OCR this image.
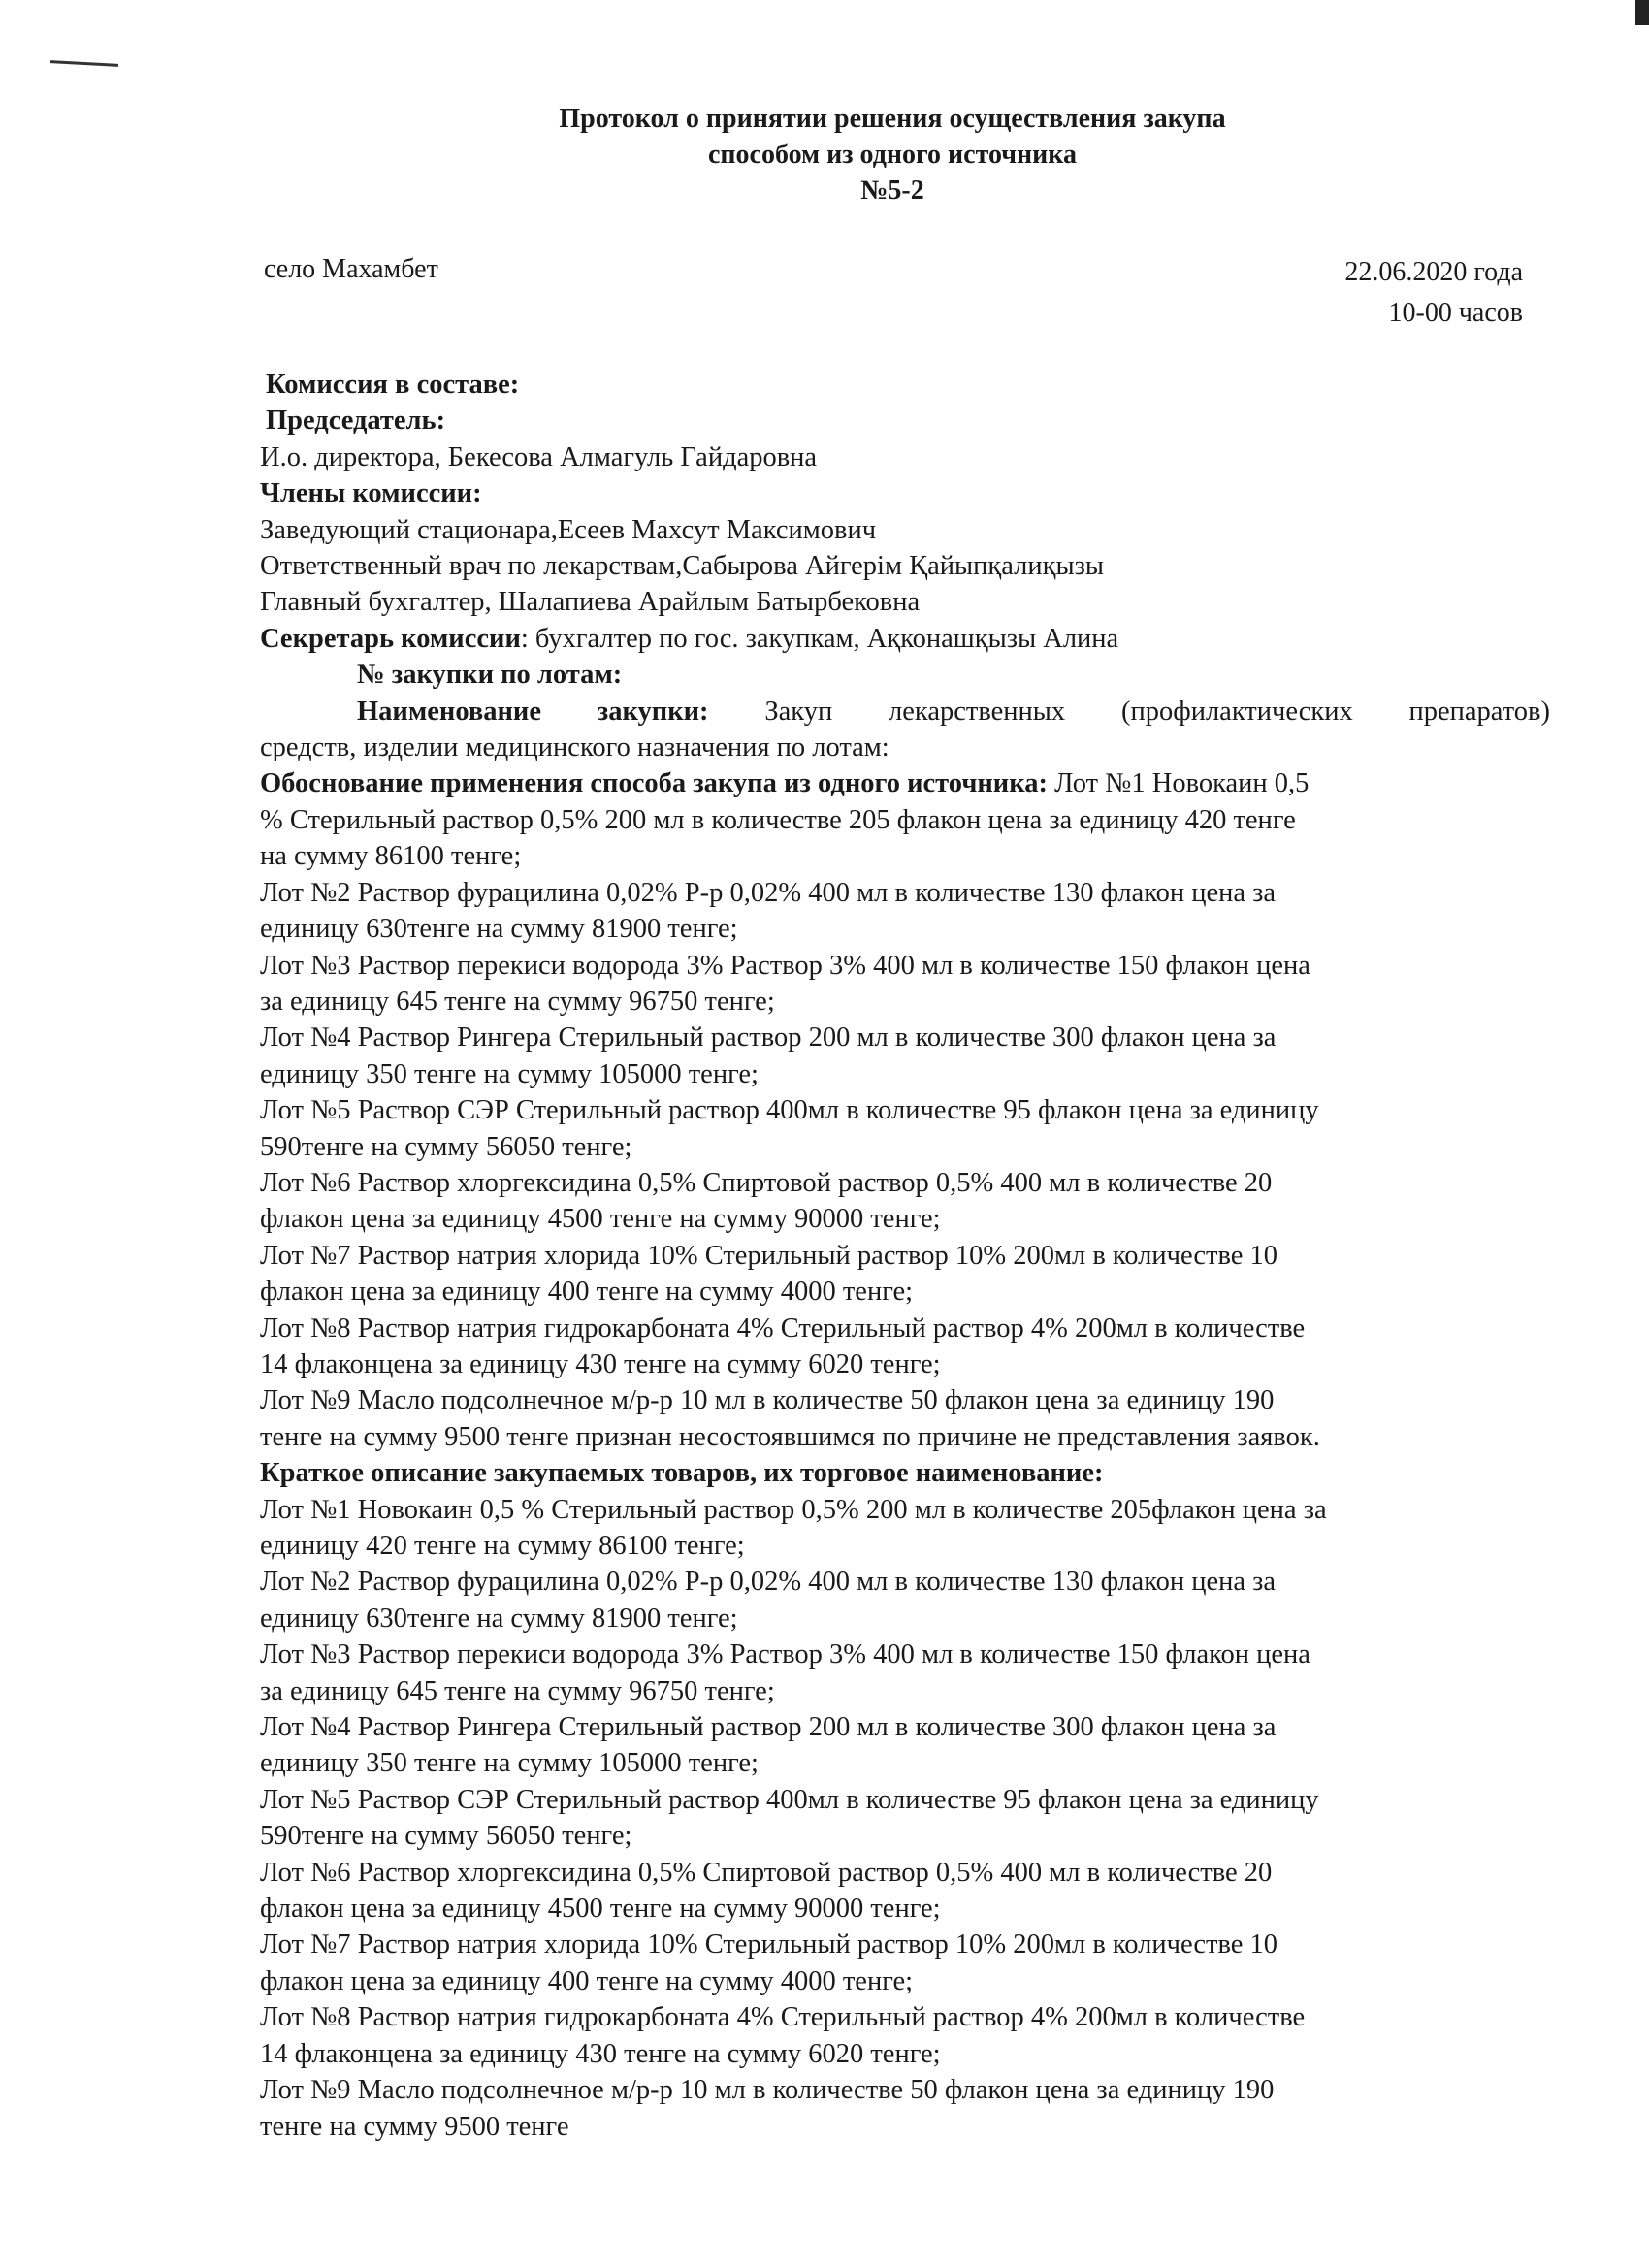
Протокол о принятии решения осуществления закупа
способом из одного источника
№5-2
село Махамбет	22.06.2020 года
10-00 часов
Комиссия в составе:
Председатель:
И.о. директора, Бекесова Алмагуль Гайдаровна
Члены комиссии:
Заведующий стационара,Есеев Махсут Максимович
Ответственный врач по лекарствам,Сабырова Айгерім Қайыпқалиқызы
Главный бухгалтер, Шалапиева Арайлым Батырбековна
Секретарь комиссии: бухгалтер по гос. закупкам, Ақконашқызы Алина
№ закупки по лотам:
Наименование закупки: Закуп лекарственных (профилактических препаратов)
средств, изделии медицинского назначения по лотам:
Обоснование применения способа закупа из одного источника: Лот №1 Новокаин 0,5
% Стерильный раствор 0,5% 200 мл в количестве 205 флакон цена за единицу 420 тенге
на сумму 86100 тенге;
Лот №2 Раствор фурацилина 0,02% Р-р 0,02% 400 мл в количестве 130 флакон цена за
единицу 630тенге на сумму 81900 тенге;
Лот №3 Раствор перекиси водорода 3% Раствор 3% 400 мл в количестве 150 флакон цена
за единицу 645 тенге на сумму 96750 тенге;
Лот №4 Раствор Рингера Стерильный раствор 200 мл в количестве 300 флакон цена за
единицу 350 тенге на сумму 105000 тенге;
Лот №5 Раствор СЭР Стерильный раствор 400мл в количестве 95 флакон цена за единицу
590тенге на сумму 56050 тенге;
Лот №6 Раствор хлоргексидина 0,5% Спиртовой раствор 0,5% 400 мл в количестве 20
флакон цена за единицу 4500 тенге на сумму 90000 тенге;
Лот №7 Раствор натрия хлорида 10% Стерильный раствор 10% 200мл в количестве 10
флакон цена за единицу 400 тенге на сумму 4000 тенге;
Лот №8 Раствор натрия гидрокарбоната 4% Стерильный раствор 4% 200мл в количестве
14 флаконцена за единицу 430 тенге на сумму 6020 тенге;
Лот №9 Масло подсолнечное м/р-р 10 мл в количестве 50 флакон цена за единицу 190
тенге на сумму 9500 тенге признан несостоявшимся по причине не представления заявок.
Краткое описание закупаемых товаров, их торговое наименование:
Лот №1 Новокаин 0,5 % Стерильный раствор 0,5% 200 мл в количестве 205флакон цена за
единицу 420 тенге на сумму 86100 тенге;
Лот №2 Раствор фурацилина 0,02% Р-р 0,02% 400 мл в количестве 130 флакон цена за
единицу 630тенге на сумму 81900 тенге;
Лот №3 Раствор перекиси водорода 3% Раствор 3% 400 мл в количестве 150 флакон цена
за единицу 645 тенге на сумму 96750 тенге;
Лот №4 Раствор Рингера Стерильный раствор 200 мл в количестве 300 флакон цена за
единицу 350 тенге на сумму 105000 тенге;
Лот №5 Раствор СЭР Стерильный раствор 400мл в количестве 95 флакон цена за единицу
590тенге на сумму 56050 тенге;
Лот №6 Раствор хлоргексидина 0,5% Спиртовой раствор 0,5% 400 мл в количестве 20
флакон цена за единицу 4500 тенге на сумму 90000 тенге;
Лот №7 Раствор натрия хлорида 10% Стерильный раствор 10% 200мл в количестве 10
флакон цена за единицу 400 тенге на сумму 4000 тенге;
Лот №8 Раствор натрия гидрокарбоната 4% Стерильный раствор 4% 200мл в количестве
14 флаконцена за единицу 430 тенге на сумму 6020 тенге;
Лот №9 Масло подсолнечное м/р-р 10 мл в количестве 50 флакон цена за единицу 190
тенге на сумму 9500 тенге
